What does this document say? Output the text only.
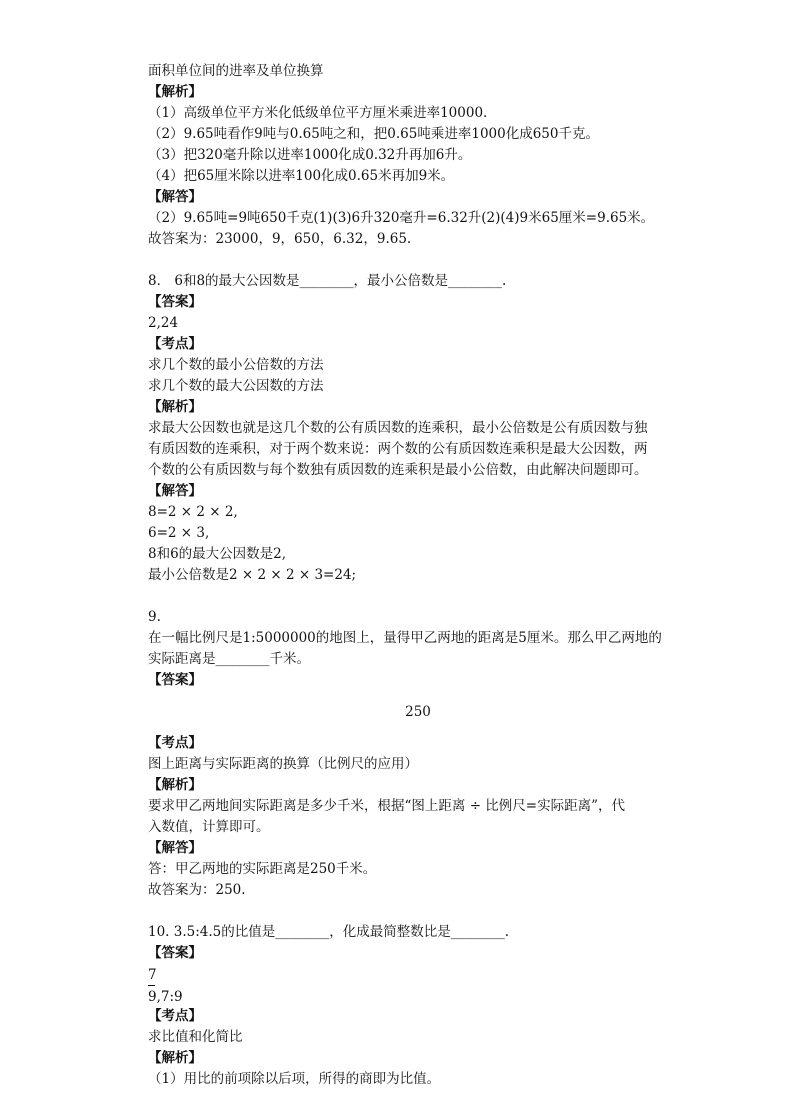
面积单位间的进率及单位换算
【解析】
（1）高级单位平方米化低级单位平方厘米乘进率10000.
（2）9.65吨看作9吨与0.65吨之和，把0.65吨乘进率1000化成650千克。
（3）把320毫升除以进率1000化成0.32升再加6升。
（4）把65厘米除以进率100化成0.65米再加9米。
【解答】
（2）9.65吨=9吨650千克(1)(3)6升320毫升=6.32升(2)(4)9米65厘米=9.65米。
故答案为：23000，9，650，6.32，9.65.
8． 6和8的最大公因数是________，最小公倍数是________.
【答案】
2,24
【考点】
求几个数的最小公倍数的方法
求几个数的最大公因数的方法
【解析】
求最大公因数也就是这几个数的公有质因数的连乘积，最小公倍数是公有质因数与独
有质因数的连乘积，对于两个数来说：两个数的公有质因数连乘积是最大公因数，两
个数的公有质因数与每个数独有质因数的连乘积是最小公倍数，由此解决问题即可。
【解答】
8=2 × 2 × 2,
6=2 × 3,
8和6的最大公因数是2,
最小公倍数是2 × 2 × 2 × 3=24;
9.
在一幅比例尺是1:5000000的地图上，量得甲乙两地的距离是5厘米。那么甲乙两地的
实际距离是________千米。
【答案】
250
【考点】
图上距离与实际距离的换算（比例尺的应用）
【解析】
要求甲乙两地间实际距离是多少千米，根据“图上距离 ÷ 比例尺=实际距离”，代
入数值，计算即可。
【解答】
答：甲乙两地的实际距离是250千米。
故答案为：250.
10. 3.5:4.5的比值是________，化成最简整数比是________.
【答案】
7
9,7:9
【考点】
求比值和化简比
【解析】
（1）用比的前项除以后项，所得的商即为比值。
